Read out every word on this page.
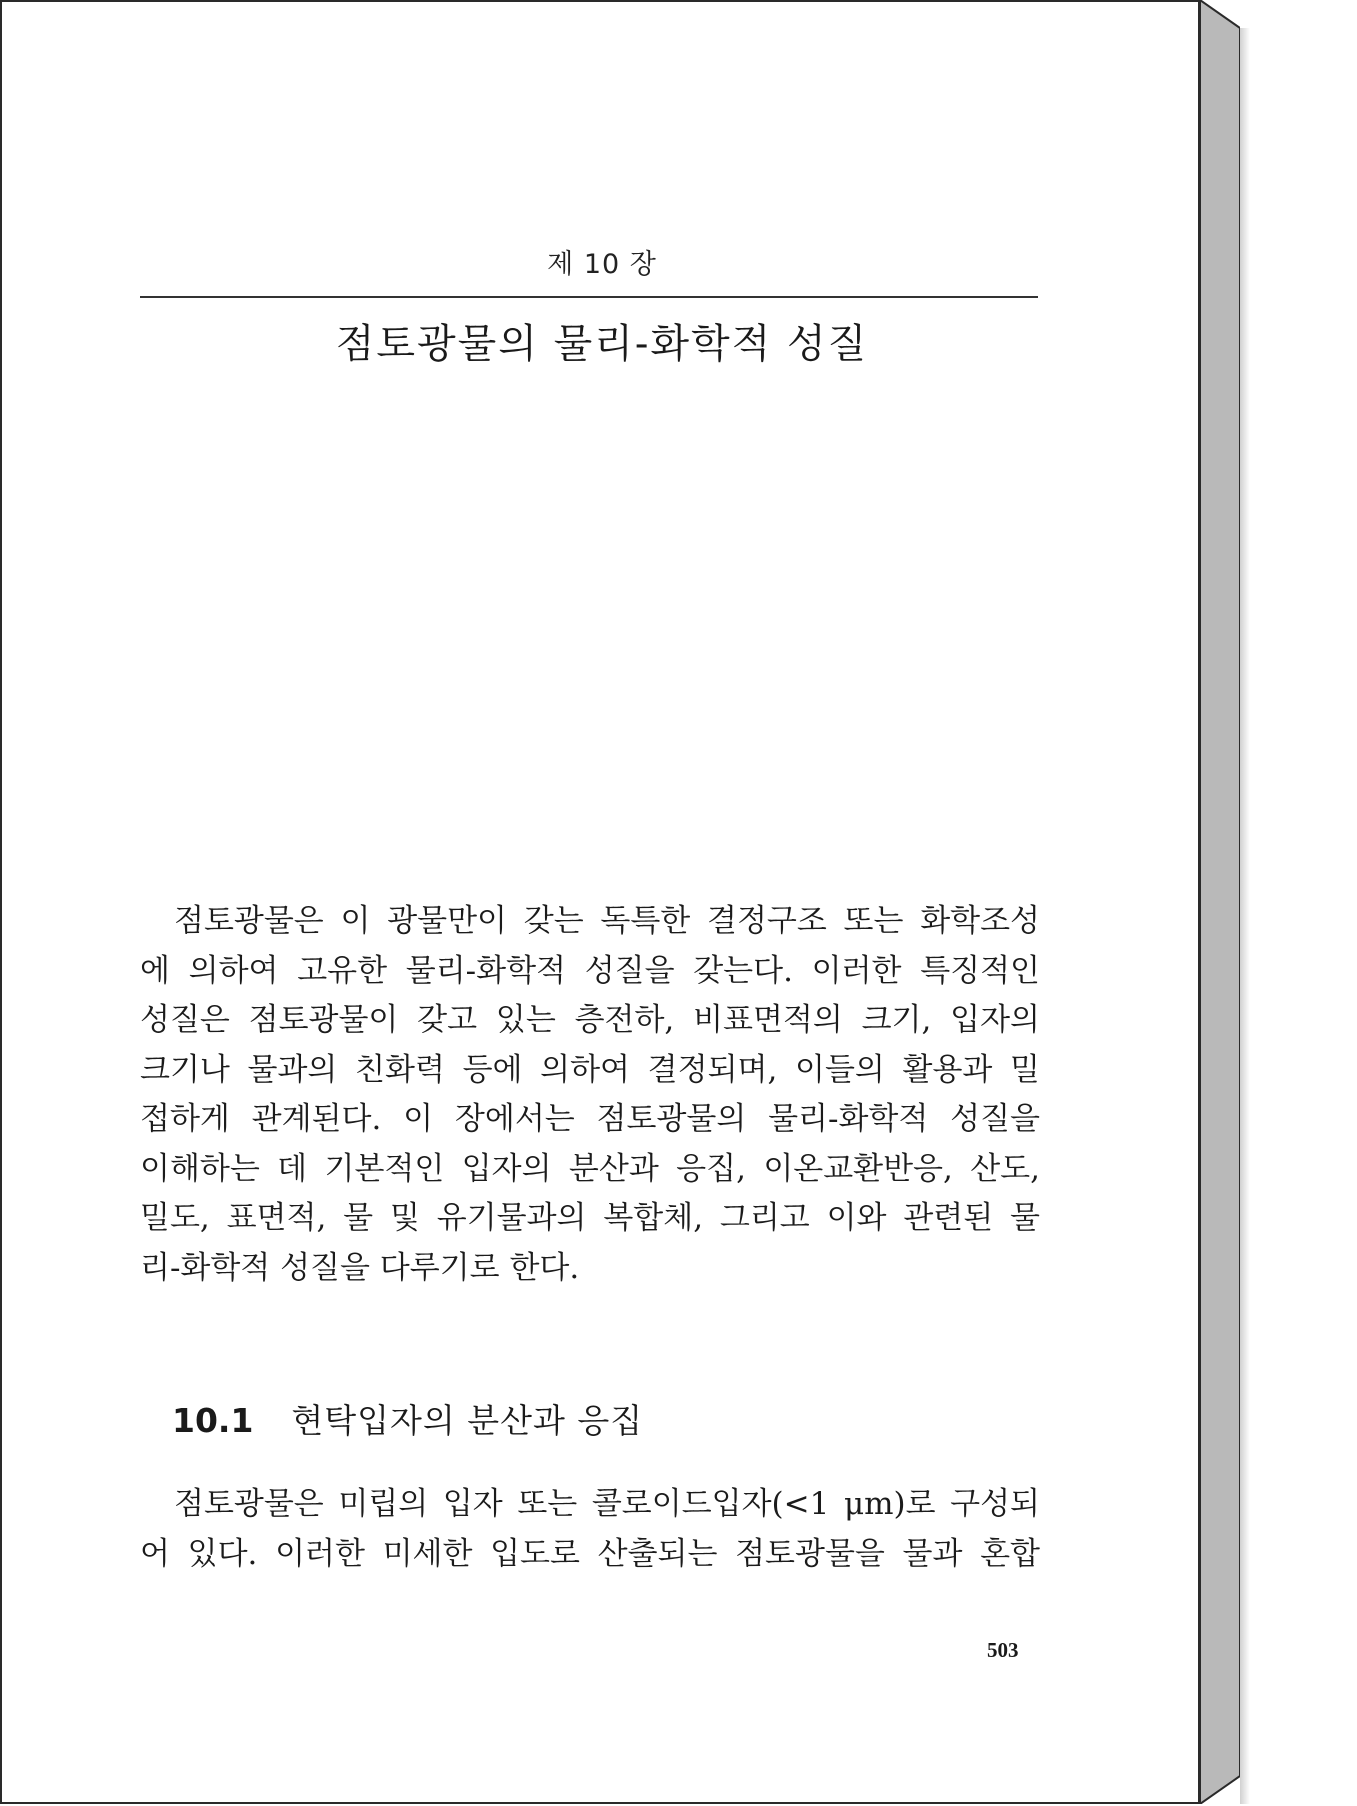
제 10 장
점토광물의 물리-화학적 성질
점토광물은 이 광물만이 갖는 독특한 결정구조 또는 화학조성
에 의하여 고유한 물리-화학적 성질을 갖는다. 이러한 특징적인
성질은 점토광물이 갖고 있는 층전하, 비표면적의 크기, 입자의
크기나 물과의 친화력 등에 의하여 결정되며, 이들의 활용과 밀
접하게 관계된다. 이 장에서는 점토광물의 물리-화학적 성질을
이해하는 데 기본적인 입자의 분산과 응집, 이온교환반응, 산도,
밀도, 표면적, 물 및 유기물과의 복합체, 그리고 이와 관련된 물
리-화학적 성질을 다루기로 한다.
10.1 현탁입자의 분산과 응집
점토광물은 미립의 입자 또는 콜로이드입자(<1 μm)로 구성되
어 있다. 이러한 미세한 입도로 산출되는 점토광물을 물과 혼합
503
